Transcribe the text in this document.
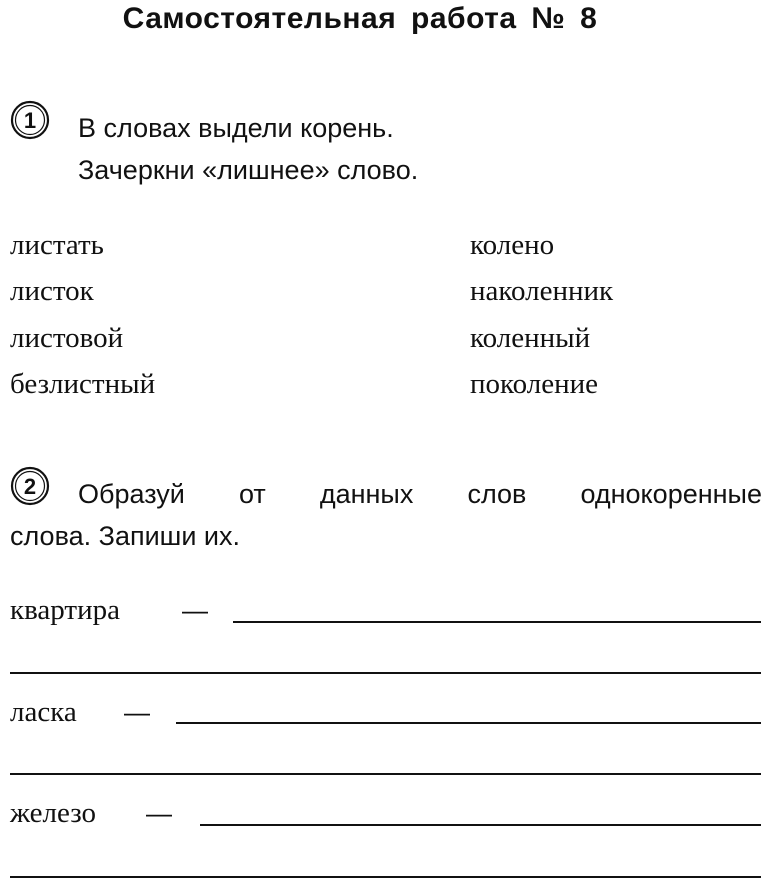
Самостоятельная работа № 8
1 В словах выдели корень.
Зачеркни «лишнее» слово.
листать
листок
листовой
безлистный
колено
наколенник
коленный
поколение
2 Образуй от данных слов однокоренные
слова. Запиши их.
квартира —
ласка —
железо —
